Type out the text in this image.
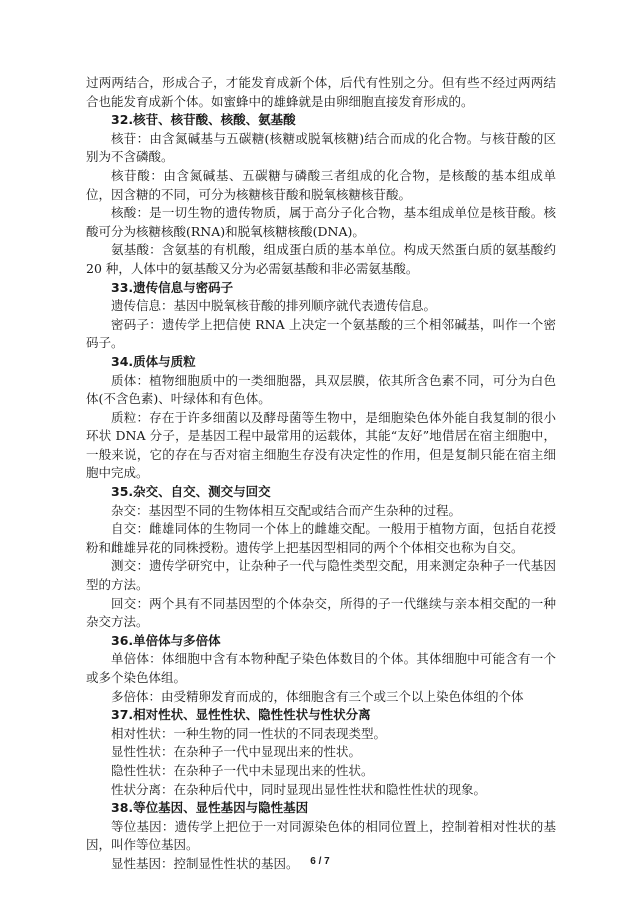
过两两结合，形成合子，才能发育成新个体，后代有性别之分。但有些不经过两两结合也能发育成新个体。如蜜蜂中的雄蜂就是由卵细胞直接发育形成的。

32.核苷、核苷酸、核酸、氨基酸

核苷：由含氮碱基与五碳糖(核糖或脱氧核糖)结合而成的化合物。与核苷酸的区别为不含磷酸。

核苷酸：由含氮碱基、五碳糖与磷酸三者组成的化合物，是核酸的基本组成单位，因含糖的不同，可分为核糖核苷酸和脱氧核糖核苷酸。

核酸：是一切生物的遗传物质，属于高分子化合物，基本组成单位是核苷酸。核酸可分为核糖核酸(RNA)和脱氧核糖核酸(DNA)。

氨基酸：含氨基的有机酸，组成蛋白质的基本单位。构成天然蛋白质的氨基酸约 20 种，人体中的氨基酸又分为必需氨基酸和非必需氨基酸。

33.遗传信息与密码子

遗传信息：基因中脱氧核苷酸的排列顺序就代表遗传信息。

密码子：遗传学上把信使 RNA 上决定一个氨基酸的三个相邻碱基，叫作一个密码子。

34.质体与质粒

质体：植物细胞质中的一类细胞器，具双层膜，依其所含色素不同，可分为白色体(不含色素)、叶绿体和有色体。

质粒：存在于许多细菌以及酵母菌等生物中，是细胞染色体外能自我复制的很小环状 DNA 分子，是基因工程中最常用的运载体，其能“友好”地借居在宿主细胞中，一般来说，它的存在与否对宿主细胞生存没有决定性的作用，但是复制只能在宿主细胞中完成。

35.杂交、自交、测交与回交

杂交：基因型不同的生物体相互交配或结合而产生杂种的过程。

自交：雌雄同体的生物同一个体上的雌雄交配。一般用于植物方面，包括自花授粉和雌雄异花的同株授粉。遗传学上把基因型相同的两个个体相交也称为自交。

测交：遗传学研究中，让杂种子一代与隐性类型交配，用来测定杂种子一代基因型的方法。

回交：两个具有不同基因型的个体杂交，所得的子一代继续与亲本相交配的一种杂交方法。

36.单倍体与多倍体

单倍体：体细胞中含有本物种配子染色体数目的个体。其体细胞中可能含有一个或多个染色体组。

多倍体：由受精卵发育而成的，体细胞含有三个或三个以上染色体组的个体

37.相对性状、显性性状、隐性性状与性状分离

相对性状：一种生物的同一性状的不同表现类型。

显性性状：在杂种子一代中显现出来的性状。

隐性性状：在杂种子一代中未显现出来的性状。

性状分离：在杂种后代中，同时显现出显性性状和隐性性状的现象。

38.等位基因、显性基因与隐性基因

等位基因：遗传学上把位于一对同源染色体的相同位置上，控制着相对性状的基因，叫作等位基因。

显性基因：控制显性性状的基因。	6 / 7
